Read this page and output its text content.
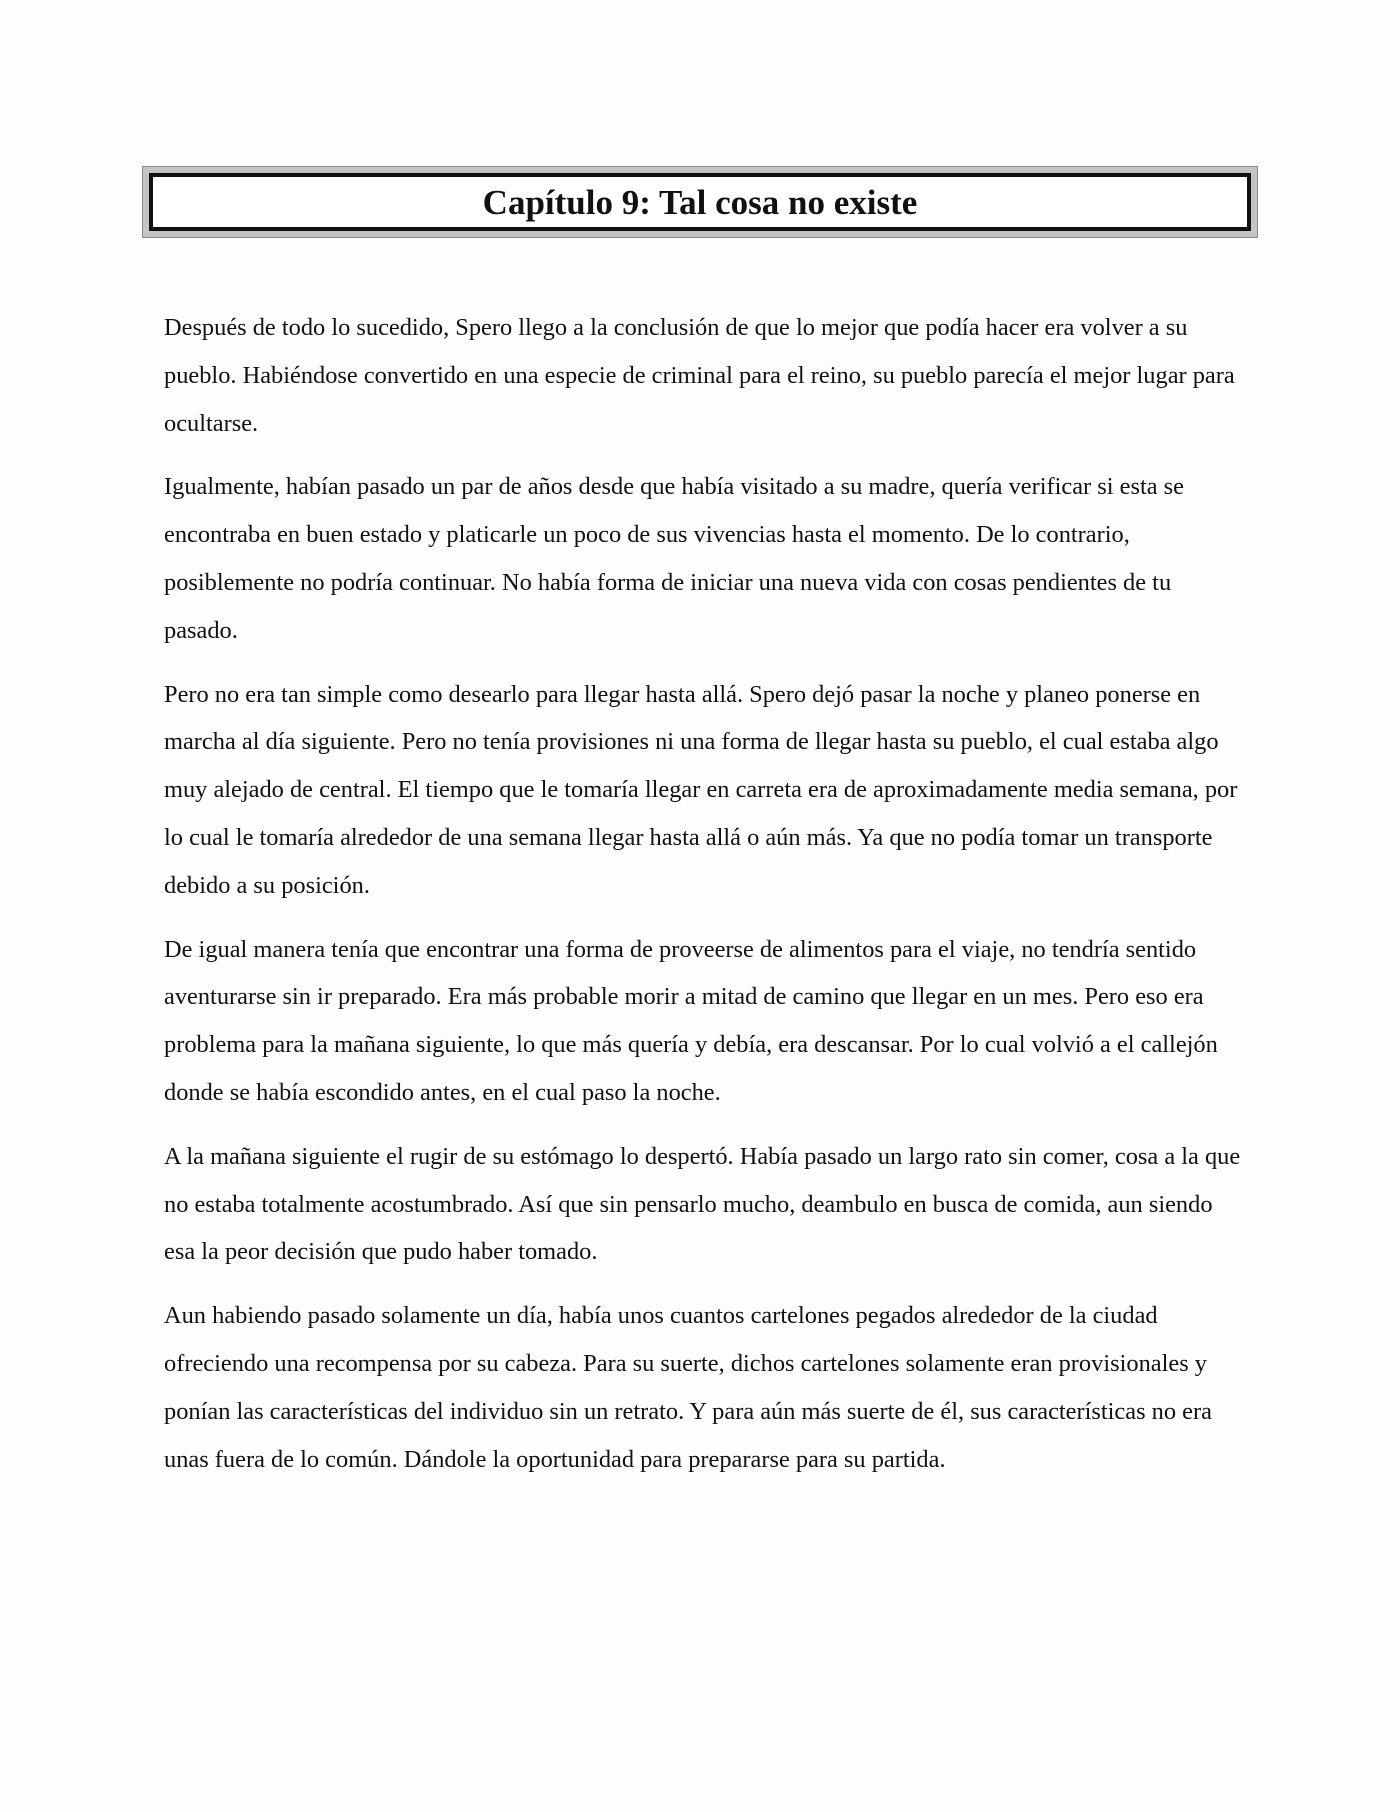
Capítulo 9: Tal cosa no existe

Después de todo lo sucedido, Spero llego a la conclusión de que lo mejor que podía hacer era volver a su pueblo. Habiéndose convertido en una especie de criminal para el reino, su pueblo parecía el mejor lugar para ocultarse.

Igualmente, habían pasado un par de años desde que había visitado a su madre, quería verificar si esta se encontraba en buen estado y platicarle un poco de sus vivencias hasta el momento. De lo contrario, posiblemente no podría continuar. No había forma de iniciar una nueva vida con cosas pendientes de tu pasado.

Pero no era tan simple como desearlo para llegar hasta allá. Spero dejó pasar la noche y planeo ponerse en marcha al día siguiente. Pero no tenía provisiones ni una forma de llegar hasta su pueblo, el cual estaba algo muy alejado de central. El tiempo que le tomaría llegar en carreta era de aproximadamente media semana, por lo cual le tomaría alrededor de una semana llegar hasta allá o aún más. Ya que no podía tomar un transporte debido a su posición.

De igual manera tenía que encontrar una forma de proveerse de alimentos para el viaje, no tendría sentido aventurarse sin ir preparado. Era más probable morir a mitad de camino que llegar en un mes. Pero eso era problema para la mañana siguiente, lo que más quería y debía, era descansar. Por lo cual volvió a el callejón donde se había escondido antes, en el cual paso la noche.

A la mañana siguiente el rugir de su estómago lo despertó. Había pasado un largo rato sin comer, cosa a la que no estaba totalmente acostumbrado. Así que sin pensarlo mucho, deambulo en busca de comida, aun siendo esa la peor decisión que pudo haber tomado.

Aun habiendo pasado solamente un día, había unos cuantos cartelones pegados alrededor de la ciudad ofreciendo una recompensa por su cabeza. Para su suerte, dichos cartelones solamente eran provisionales y ponían las características del individuo sin un retrato. Y para aún más suerte de él, sus características no era unas fuera de lo común. Dándole la oportunidad para prepararse para su partida.
